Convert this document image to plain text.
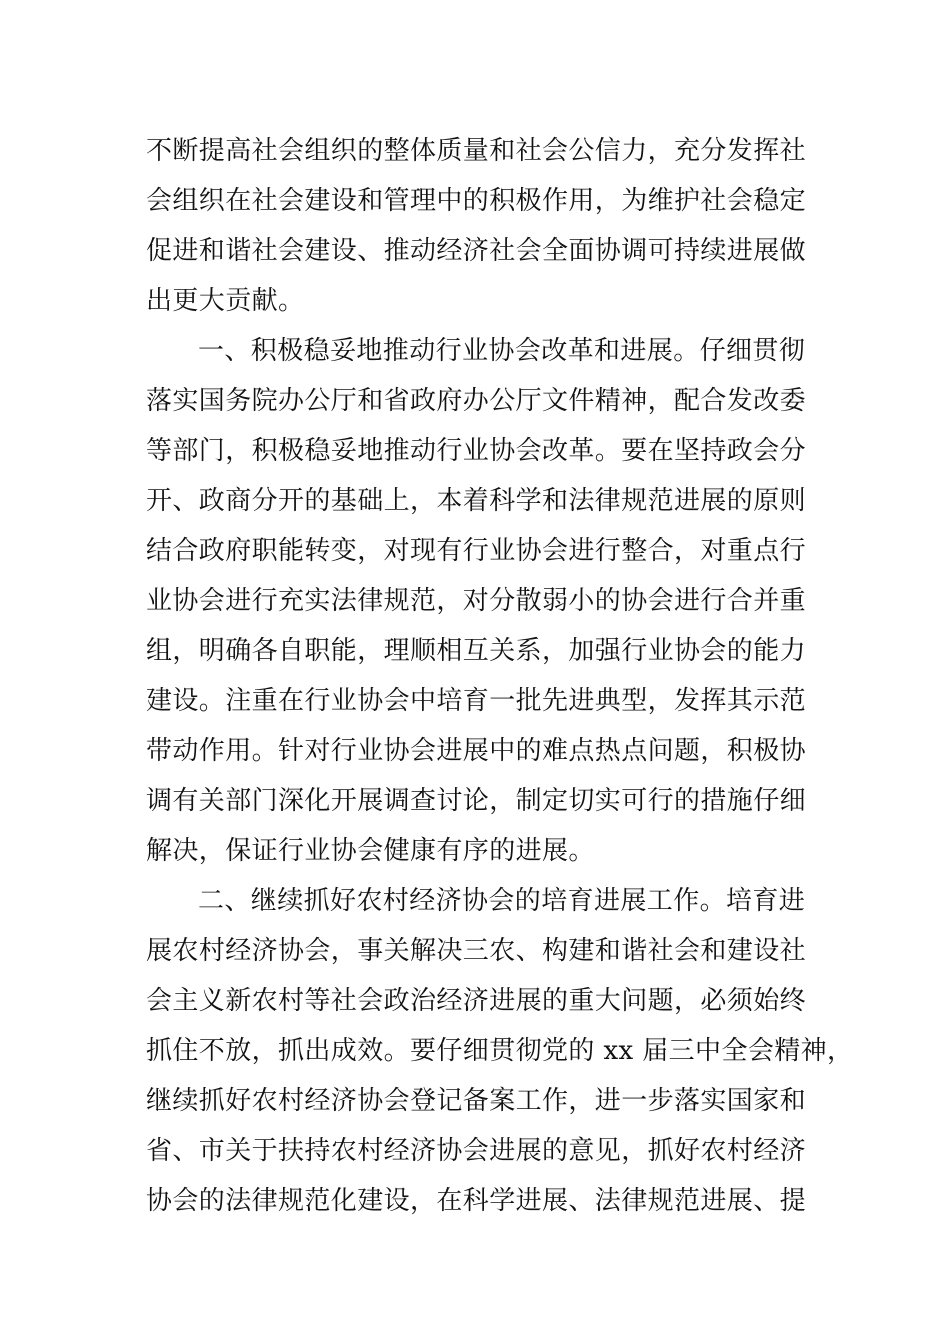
不断提高社会组织的整体质量和社会公信力，充分发挥社
会组织在社会建设和管理中的积极作用，为维护社会稳定
促进和谐社会建设、推动经济社会全面协调可持续进展做
出更大贡献。
一、积极稳妥地推动行业协会改革和进展。仔细贯彻
落实国务院办公厅和省政府办公厅文件精神，配合发改委
等部门，积极稳妥地推动行业协会改革。要在坚持政会分
开、政商分开的基础上，本着科学和法律规范进展的原则
结合政府职能转变，对现有行业协会进行整合，对重点行
业协会进行充实法律规范，对分散弱小的协会进行合并重
组，明确各自职能，理顺相互关系，加强行业协会的能力
建设。注重在行业协会中培育一批先进典型，发挥其示范
带动作用。针对行业协会进展中的难点热点问题，积极协
调有关部门深化开展调查讨论，制定切实可行的措施仔细
解决，保证行业协会健康有序的进展。
二、继续抓好农村经济协会的培育进展工作。培育进
展农村经济协会，事关解决三农、构建和谐社会和建设社
会主义新农村等社会政治经济进展的重大问题，必须始终
抓住不放，抓出成效。要仔细贯彻党的 xx 届三中全会精神，
继续抓好农村经济协会登记备案工作，进一步落实国家和
省、市关于扶持农村经济协会进展的意见，抓好农村经济
协会的法律规范化建设，在科学进展、法律规范进展、提
